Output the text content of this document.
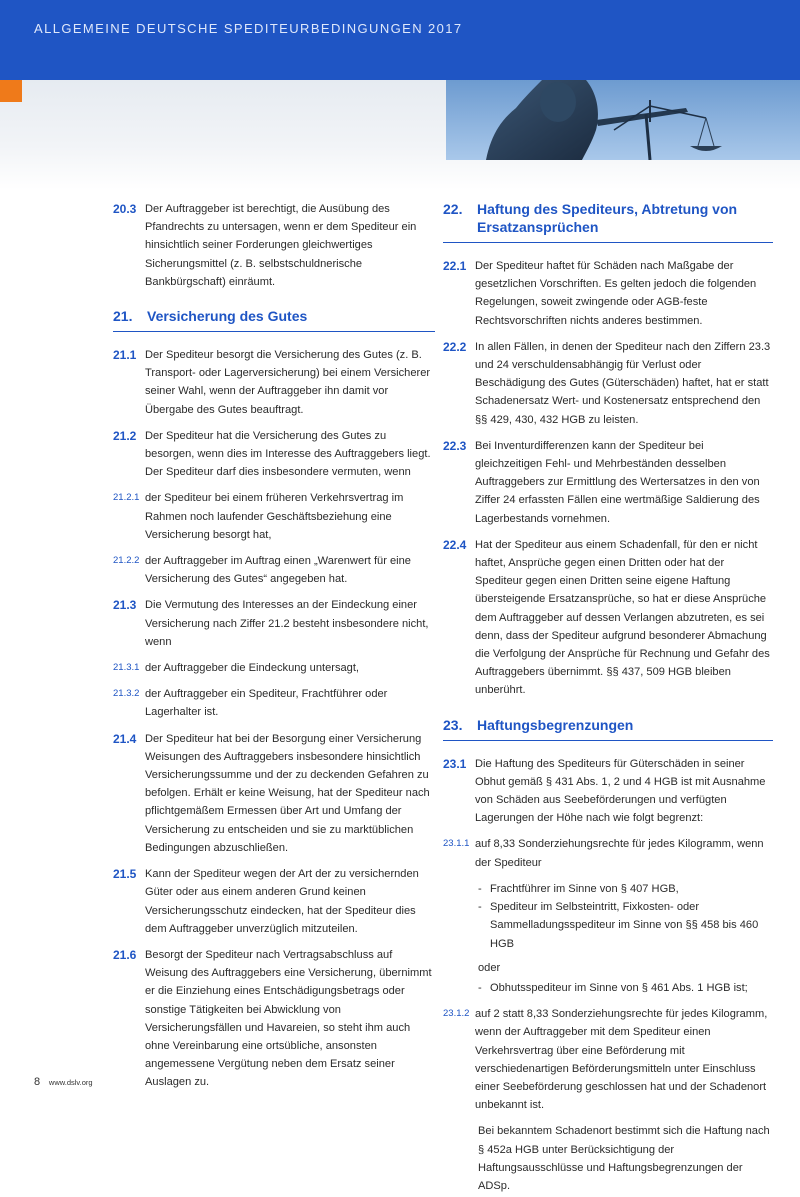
ALLGEMEINE DEUTSCHE SPEDITEURBEDINGUNGEN 2017
20.3 Der Auftraggeber ist berechtigt, die Ausübung des Pfandrechts zu untersagen, wenn er dem Spediteur ein hinsichtlich seiner Forderungen gleichwertiges Sicherungsmittel (z. B. selbstschuldnerische Bankbürgschaft) einräumt.
21.	Versicherung des Gutes
21.1 Der Spediteur besorgt die Versicherung des Gutes (z. B. Transport- oder Lagerversicherung) bei einem Versicherer seiner Wahl, wenn der Auftraggeber ihn damit vor Übergabe des Gutes beauftragt.
21.2 Der Spediteur hat die Versicherung des Gutes zu besorgen, wenn dies im Interesse des Auftraggebers liegt. Der Spediteur darf dies insbesondere vermuten, wenn
21.2.1 der Spediteur bei einem früheren Verkehrsvertrag im Rahmen noch laufender Geschäftsbeziehung eine Versicherung besorgt hat,
21.2.2 der Auftraggeber im Auftrag einen „Warenwert für eine Versicherung des Gutes“ angegeben hat.
21.3 Die Vermutung des Interesses an der Eindeckung einer Versicherung nach Ziffer 21.2 besteht insbesondere nicht, wenn
21.3.1 der Auftraggeber die Eindeckung untersagt,
21.3.2 der Auftraggeber ein Spediteur, Frachtführer oder Lagerhalter ist.
21.4 Der Spediteur hat bei der Besorgung einer Versicherung Weisungen des Auftraggebers insbesondere hinsichtlich Versicherungssumme und der zu deckenden Gefahren zu befolgen. Erhält er keine Weisung, hat der Spediteur nach pflichtgemäßem Ermessen über Art und Umfang der Versicherung zu entscheiden und sie zu marktüblichen Bedingungen abzuschließen.
21.5 Kann der Spediteur wegen der Art der zu versichernden Güter oder aus einem anderen Grund keinen Versicherungsschutz eindecken, hat der Spediteur dies dem Auftraggeber unverzüglich mitzuteilen.
21.6 Besorgt der Spediteur nach Vertragsabschluss auf Weisung des Auftraggebers eine Versicherung, übernimmt er die Einziehung eines Entschädigungsbetrags oder sonstige Tätigkeiten bei Abwicklung von Versicherungsfällen und Havareien, so steht ihm auch ohne Vereinbarung eine ortsübliche, ansonsten angemessene Vergütung neben dem Ersatz seiner Auslagen zu.
22.	Haftung des Spediteurs, Abtretung von Ersatzansprüchen
22.1 Der Spediteur haftet für Schäden nach Maßgabe der gesetzlichen Vorschriften. Es gelten jedoch die folgenden Regelungen, soweit zwingende oder AGB-feste Rechtsvorschriften nichts anderes bestimmen.
22.2 In allen Fällen, in denen der Spediteur nach den Ziffern 23.3 und 24 verschuldensabhängig für Verlust oder Beschädigung des Gutes (Güterschäden) haftet, hat er statt Schadenersatz Wert- und Kostenersatz entsprechend den §§ 429, 430, 432 HGB zu leisten.
22.3 Bei Inventurdifferenzen kann der Spediteur bei gleichzeitigen Fehl- und Mehrbeständen desselben Auftraggebers zur Ermittlung des Wertersatzes in den von Ziffer 24 erfassten Fällen eine wertmäßige Saldierung des Lagerbestands vornehmen.
22.4 Hat der Spediteur aus einem Schadenfall, für den er nicht haftet, Ansprüche gegen einen Dritten oder hat der Spediteur gegen einen Dritten seine eigene Haftung übersteigende Ersatzansprüche, so hat er diese Ansprüche dem Auftraggeber auf dessen Verlangen abzutreten, es sei denn, dass der Spediteur aufgrund besonderer Abmachung die Verfolgung der Ansprüche für Rechnung und Gefahr des Auftraggebers übernimmt. §§ 437, 509 HGB bleiben unberührt.
23.	Haftungsbegrenzungen
23.1 Die Haftung des Spediteurs für Güterschäden in seiner Obhut gemäß § 431 Abs. 1, 2 und 4 HGB ist mit Ausnahme von Schäden aus Seebeförderungen und verfügten Lagerungen der Höhe nach wie folgt begrenzt:
23.1.1 auf 8,33 Sonderziehungsrechte für jedes Kilogramm, wenn der Spediteur
- Frachtführer im Sinne von § 407 HGB,
- Spediteur im Selbsteintritt, Fixkosten- oder Sammelladungsspediteur im Sinne von §§ 458 bis 460 HGB
oder
- Obhutsspediteur im Sinne von § 461 Abs. 1 HGB ist;
23.1.2 auf 2 statt 8,33 Sonderziehungsrechte für jedes Kilogramm, wenn der Auftraggeber mit dem Spediteur einen Verkehrsvertrag über eine Beförderung mit verschiedenartigen Beförderungsmitteln unter Einschluss einer Seebeförderung geschlossen hat und der Schadenort unbekannt ist.
Bei bekanntem Schadenort bestimmt sich die Haftung nach § 452a HGB unter Berücksichtigung der Haftungsausschlüsse und Haftungsbegrenzungen der ADSp.
8 www.dslv.org
